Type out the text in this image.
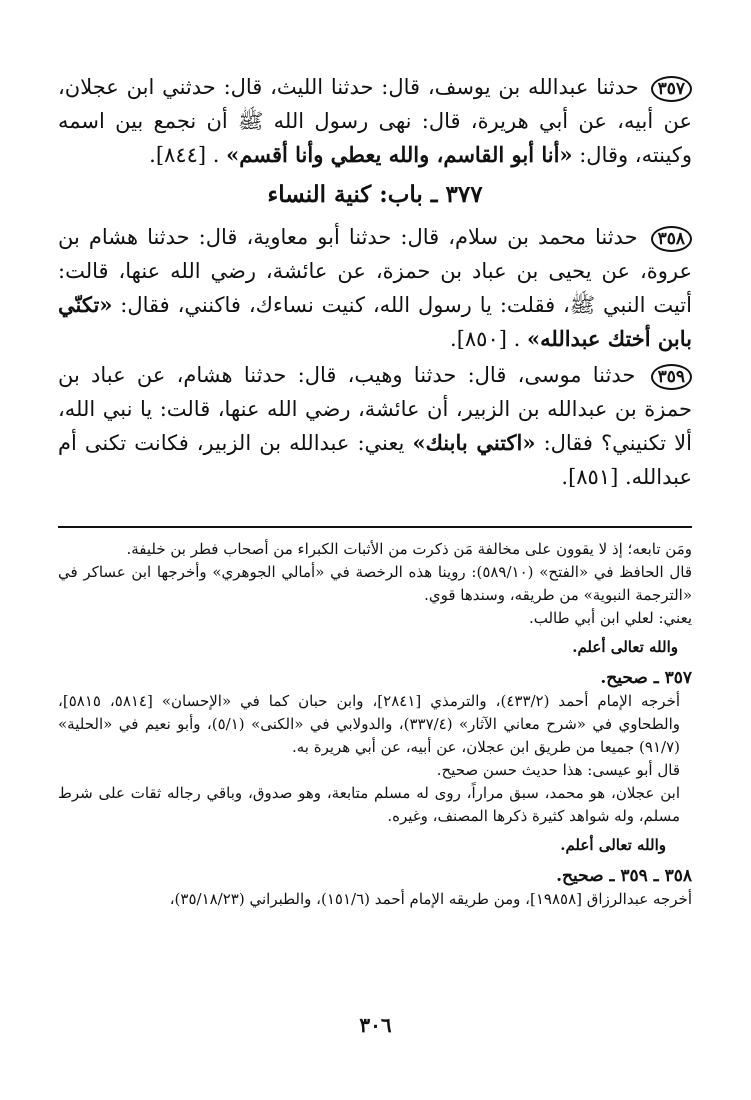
٣٥٧ حدثنا عبدالله بن يوسف، قال: حدثنا الليث، قال: حدثني ابن عجلان، عن أبيه، عن أبي هريرة، قال: نهى رسول الله ﷺ أن نجمع بين اسمه وكينته، وقال: «أنا أبو القاسم، والله يعطي وأنا أقسم» . [٨٤٤].

٣٧٧ ـ باب: كنية النساء

٣٥٨ حدثنا محمد بن سلام، قال: حدثنا أبو معاوية، قال: حدثنا هشام بن عروة، عن يحيى بن عباد بن حمزة، عن عائشة، رضي الله عنها، قالت: أتيت النبي ﷺ، فقلت: يا رسول الله، كنيت نساءك، فاكنني، فقال: «تكنّي بابن أختك عبدالله» . [٨٥٠].

٣٥٩ حدثنا موسى، قال: حدثنا وهيب، قال: حدثنا هشام، عن عباد بن حمزة بن عبدالله بن الزبير، أن عائشة، رضي الله عنها، قالت: يا نبي الله، ألا تكنيني؟ فقال: «اكتني بابنك» يعني: عبدالله بن الزبير، فكانت تكنى أم عبدالله. [٨٥١].

ومَن تابعه؛ إذ لا يقوون على مخالفة مَن ذكرت من الأثبات الكبراء من أصحاب فطر بن خليفة.

قال الحافظ في «الفتح» (٥٨٩/١٠): روينا هذه الرخصة في «أمالي الجوهري» وأخرجها ابن عساكر في «الترجمة النبوية» من طريقه، وسندها قوي.

يعني: لعلي ابن أبي طالب.

والله تعالى أعلم.

٣٥٧ ـ صحيح.

أخرجه الإمام أحمد (٤٣٣/٢)، والترمذي [٢٨٤١]، وابن حبان كما في «الإحسان» [٥٨١٤، ٥٨١٥]، والطحاوي في «شرح معاني الآثار» (٣٣٧/٤)، والدولابي في «الكنى» (٥/١)، وأبو نعيم في «الحلية» (٩١/٧) جميعا من طريق ابن عجلان، عن أبيه، عن أبي هريرة به.

قال أبو عيسى: هذا حديث حسن صحيح.

ابن عجلان، هو محمد، سبق مراراً، روى له مسلم متابعة، وهو صدوق، وباقي رجاله ثقات على شرط مسلم، وله شواهد كثيرة ذكرها المصنف، وغيره.

والله تعالى أعلم.

٣٥٨ ـ ٣٥٩ ـ صحيح.

أخرجه عبدالرزاق [١٩٨٥٨]، ومن طريقه الإمام أحمد (١٥١/٦)، والطبراني (٣٥/١٨/٢٣)،

٣٠٦
